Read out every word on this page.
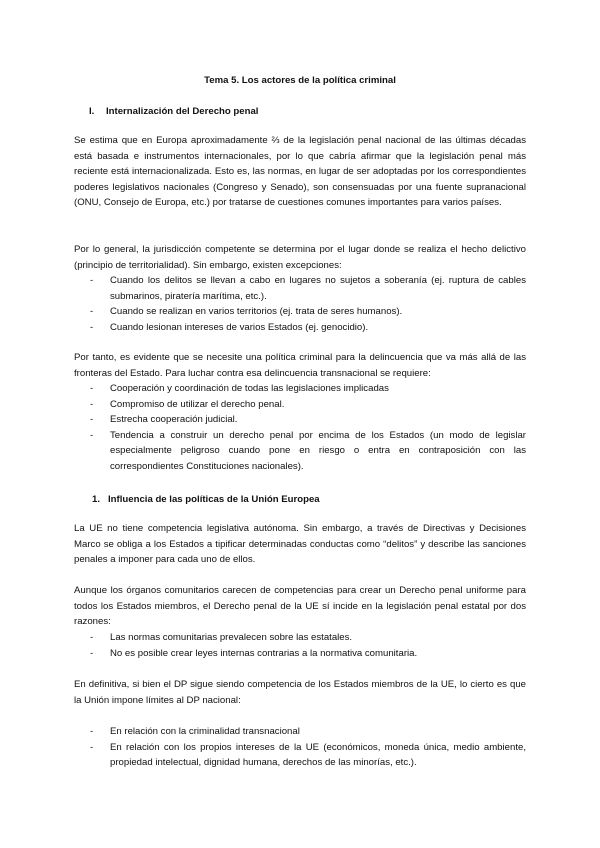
Tema 5. Los actores de la política criminal
I. Internalización del Derecho penal

Se estima que en Europa aproximadamente ⅔ de la legislación penal nacional de las últimas décadas está basada e instrumentos internacionales, por lo que cabría afirmar que la legislación penal más reciente está internacionalizada. Esto es, las normas, en lugar de ser adoptadas por los correspondientes poderes legislativos nacionales (Congreso y Senado), son consensuadas por una fuente supranacional (ONU, Consejo de Europa, etc.) por tratarse de cuestiones comunes importantes para varios países.

Por lo general, la jurisdicción competente se determina por el lugar donde se realiza el hecho delictivo (principio de territorialidad). Sin embargo, existen excepciones:

- Cuando los delitos se llevan a cabo en lugares no sujetos a soberanía (ej. ruptura de cables submarinos, piratería marítima, etc.).
- Cuando se realizan en varios territorios (ej. trata de seres humanos).
- Cuando lesionan intereses de varios Estados (ej. genocidio).

Por tanto, es evidente que se necesite una política criminal para la delincuencia que va más allá de las fronteras del Estado. Para luchar contra esa delincuencia transnacional se requiere:

- Cooperación y coordinación de todas las legislaciones implicadas
- Compromiso de utilizar el derecho penal.
- Estrecha cooperación judicial.
- Tendencia a construir un derecho penal por encima de los Estados (un modo de legislar especialmente peligroso cuando pone en riesgo o entra en contraposición con las correspondientes Constituciones nacionales).
1. Influencia de las políticas de la Unión Europea

La UE no tiene competencia legislativa autónoma. Sin embargo, a través de Directivas y Decisiones Marco se obliga a los Estados a tipificar determinadas conductas como “delitos” y describe las sanciones penales a imponer para cada uno de ellos.

Aunque los órganos comunitarios carecen de competencias para crear un Derecho penal uniforme para todos los Estados miembros, el Derecho penal de la UE sí incide en la legislación penal estatal por dos razones:

- Las normas comunitarias prevalecen sobre las estatales.
- No es posible crear leyes internas contrarias a la normativa comunitaria.

En definitiva, si bien el DP sigue siendo competencia de los Estados miembros de la UE, lo cierto es que la Unión impone límites al DP nacional:

- En relación con la criminalidad transnacional
- En relación con los propios intereses de la UE (económicos, moneda única, medio ambiente, propiedad intelectual, dignidad humana, derechos de las minorías, etc.).
